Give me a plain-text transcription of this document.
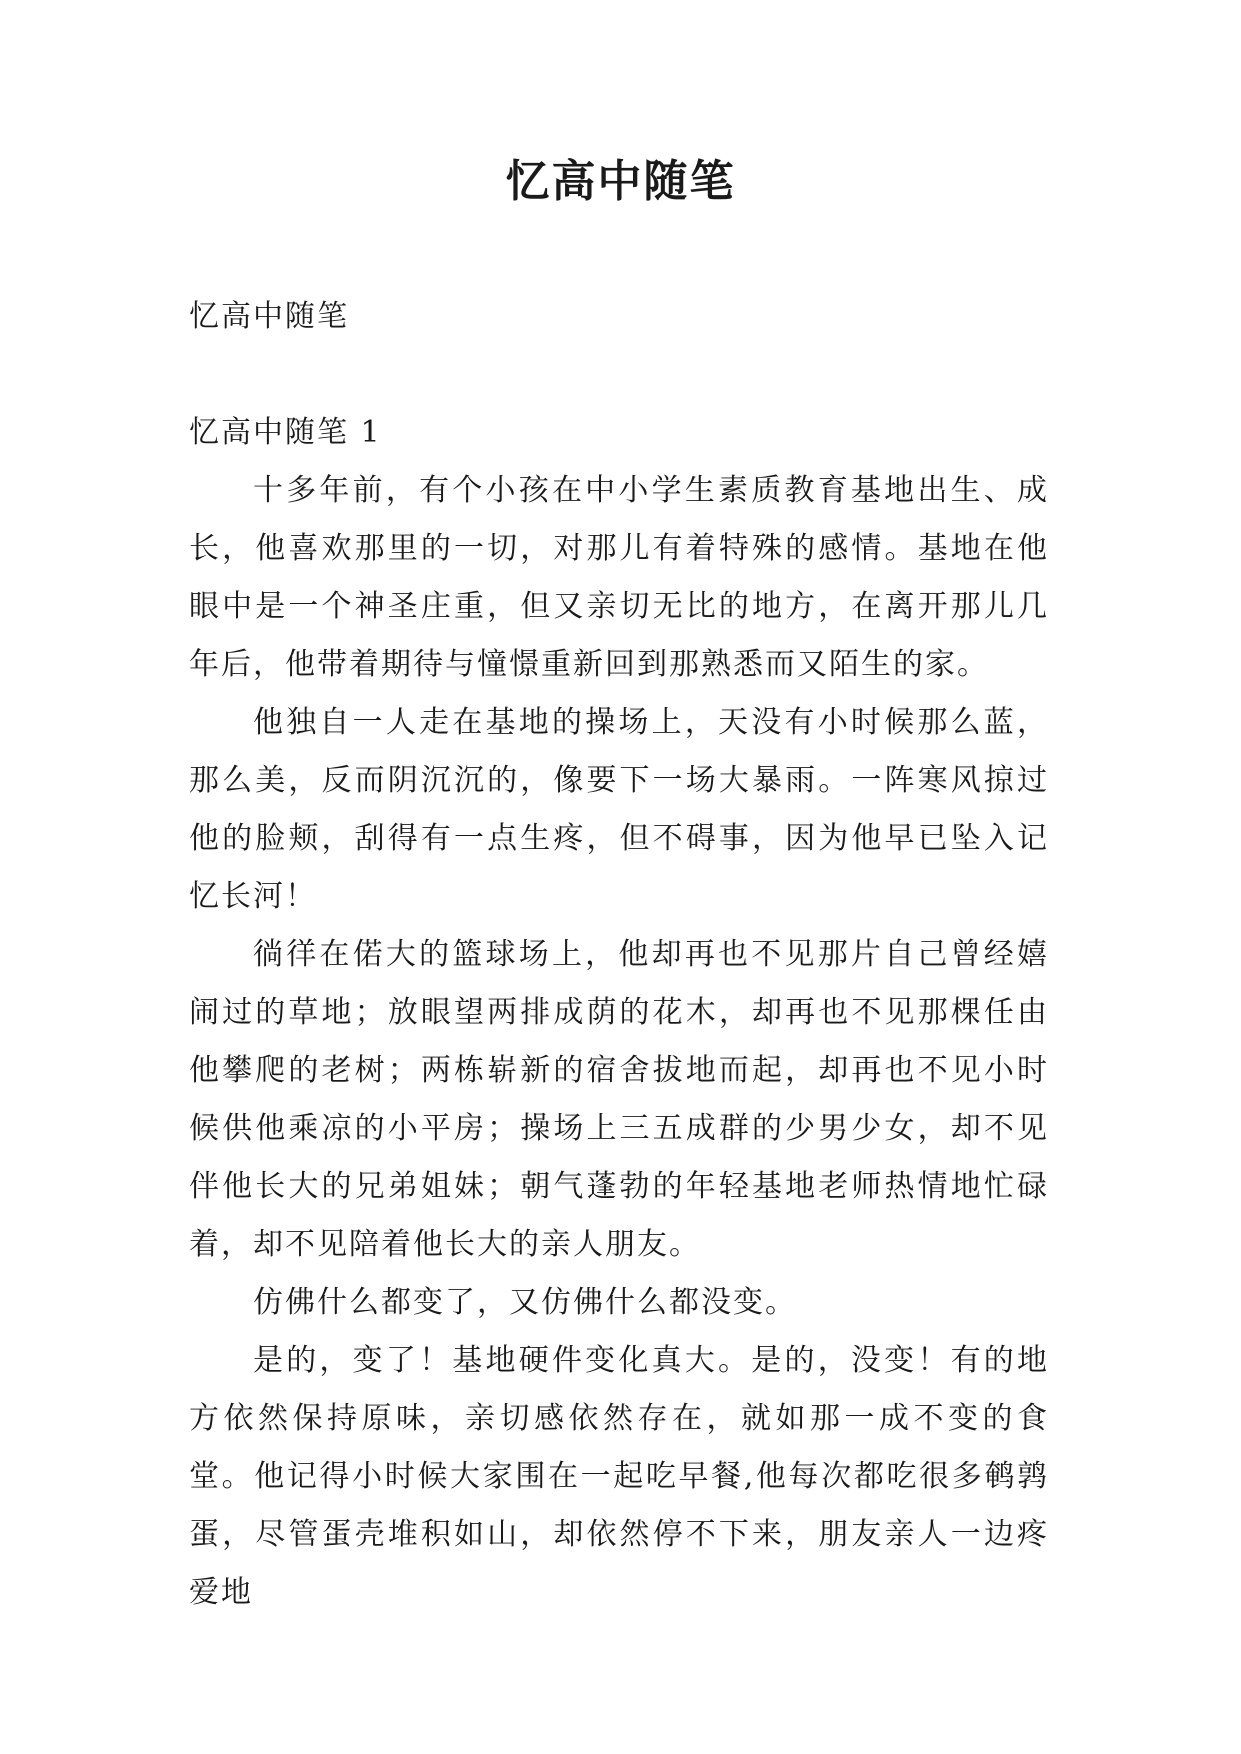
忆高中随笔

忆高中随笔

忆高中随笔 1

十多年前，有个小孩在中小学生素质教育基地出生、成长，他喜欢那里的一切，对那儿有着特殊的感情。基地在他眼中是一个神圣庄重，但又亲切无比的地方，在离开那儿几年后，他带着期待与憧憬重新回到那熟悉而又陌生的家。

他独自一人走在基地的操场上，天没有小时候那么蓝，那么美，反而阴沉沉的，像要下一场大暴雨。一阵寒风掠过他的脸颊，刮得有一点生疼，但不碍事，因为他早已坠入记忆长河！

徜徉在偌大的篮球场上，他却再也不见那片自己曾经嬉闹过的草地；放眼望两排成荫的花木，却再也不见那棵任由他攀爬的老树；两栋崭新的宿舍拔地而起，却再也不见小时候供他乘凉的小平房；操场上三五成群的少男少女，却不见伴他长大的兄弟姐妹；朝气蓬勃的年轻基地老师热情地忙碌着，却不见陪着他长大的亲人朋友。

仿佛什么都变了，又仿佛什么都没变。

是的，变了！基地硬件变化真大。是的，没变！有的地方依然保持原味，亲切感依然存在，就如那一成不变的食堂。他记得小时候大家围在一起吃早餐,他每次都吃很多鹌鹑蛋，尽管蛋壳堆积如山，却依然停不下来，朋友亲人一边疼爱地
